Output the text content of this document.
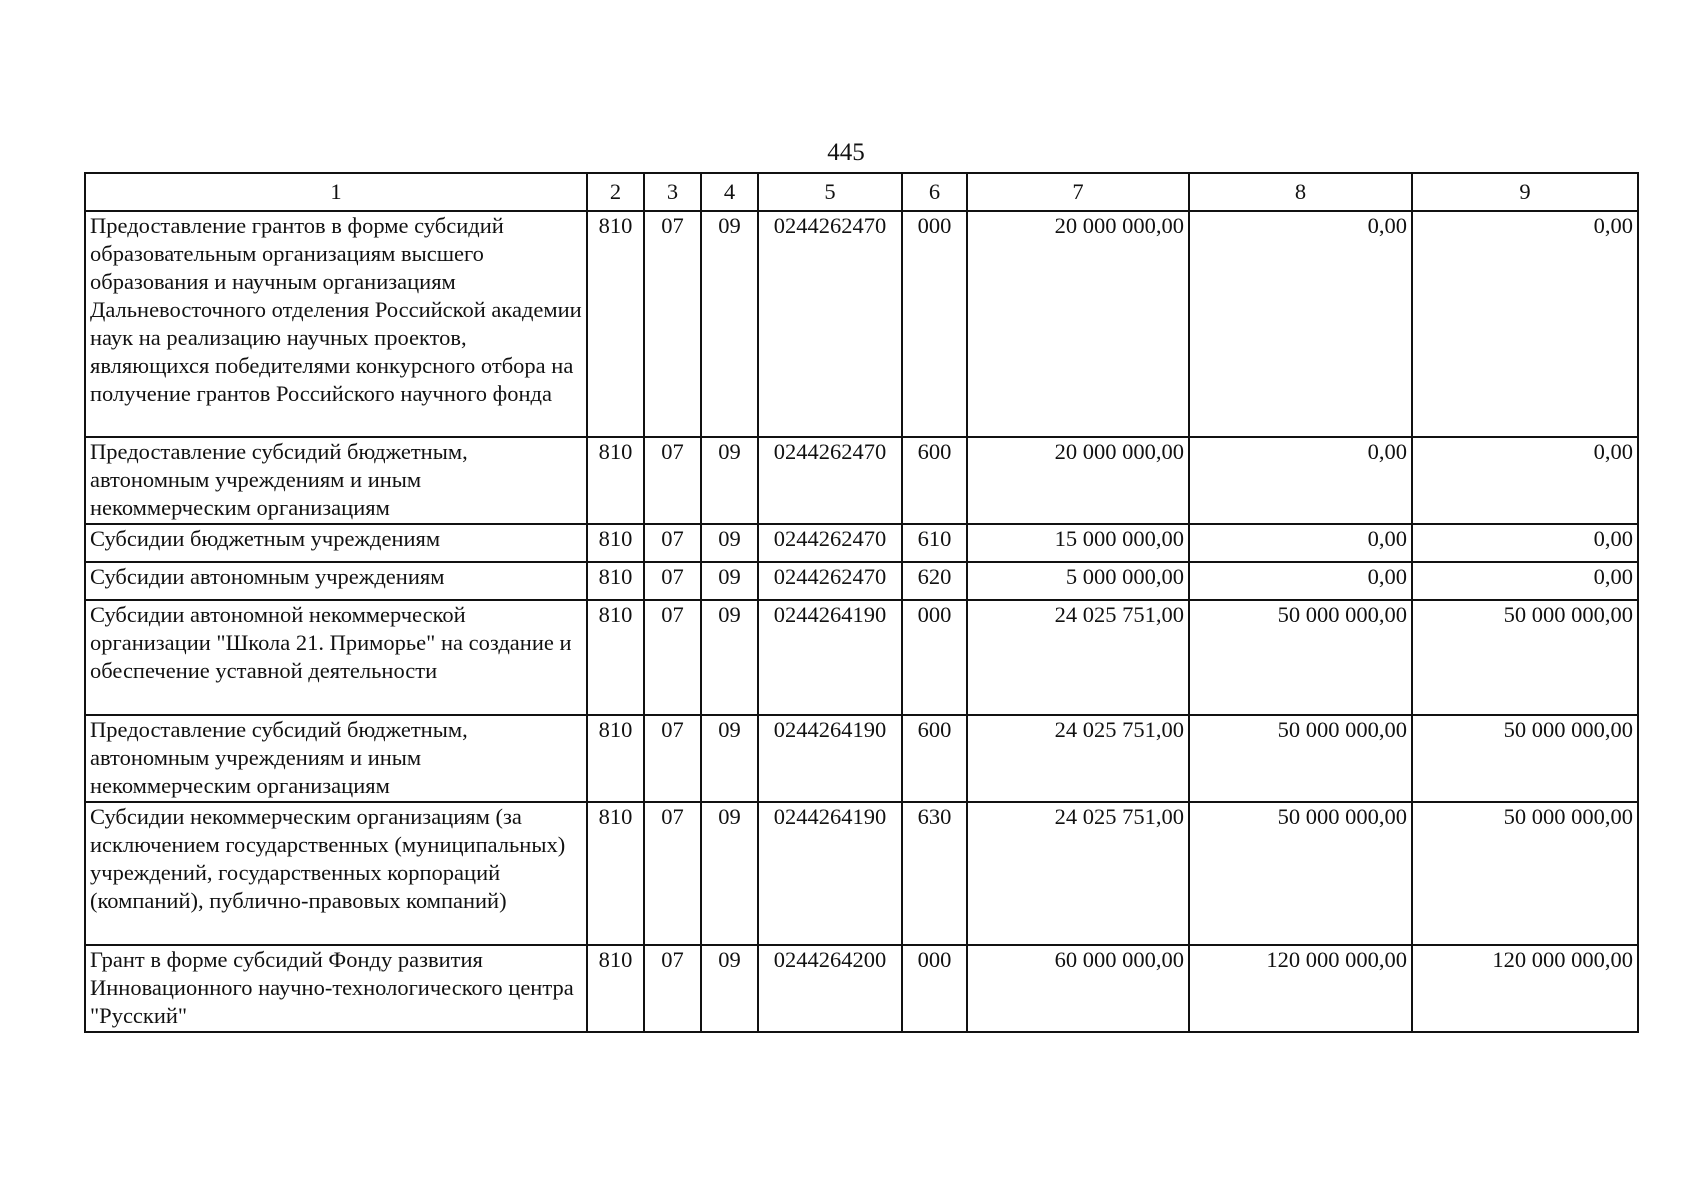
445
1	2	3	4	5	6	7	8	9
Предоставление грантов в форме субсидий образовательным организациям высшего образования и научным организациям Дальневосточного отделения Российской академии наук на реализацию научных проектов, являющихся победителями конкурсного отбора на получение грантов Российского научного фонда	810	07	09	0244262470	000	20 000 000,00	0,00	0,00
Предоставление субсидий бюджетным, автономным учреждениям и иным некоммерческим организациям	810	07	09	0244262470	600	20 000 000,00	0,00	0,00
Субсидии бюджетным учреждениям	810	07	09	0244262470	610	15 000 000,00	0,00	0,00
Субсидии автономным учреждениям	810	07	09	0244262470	620	5 000 000,00	0,00	0,00
Субсидии автономной некоммерческой организации "Школа 21. Приморье" на создание и обеспечение уставной деятельности	810	07	09	0244264190	000	24 025 751,00	50 000 000,00	50 000 000,00
Предоставление субсидий бюджетным, автономным учреждениям и иным некоммерческим организациям	810	07	09	0244264190	600	24 025 751,00	50 000 000,00	50 000 000,00
Субсидии некоммерческим организациям (за исключением государственных (муниципальных) учреждений, государственных корпораций (компаний), публично-правовых компаний)	810	07	09	0244264190	630	24 025 751,00	50 000 000,00	50 000 000,00
Грант в форме субсидий Фонду развития Инновационного научно-технологического центра "Русский"	810	07	09	0244264200	000	60 000 000,00	120 000 000,00	120 000 000,00
